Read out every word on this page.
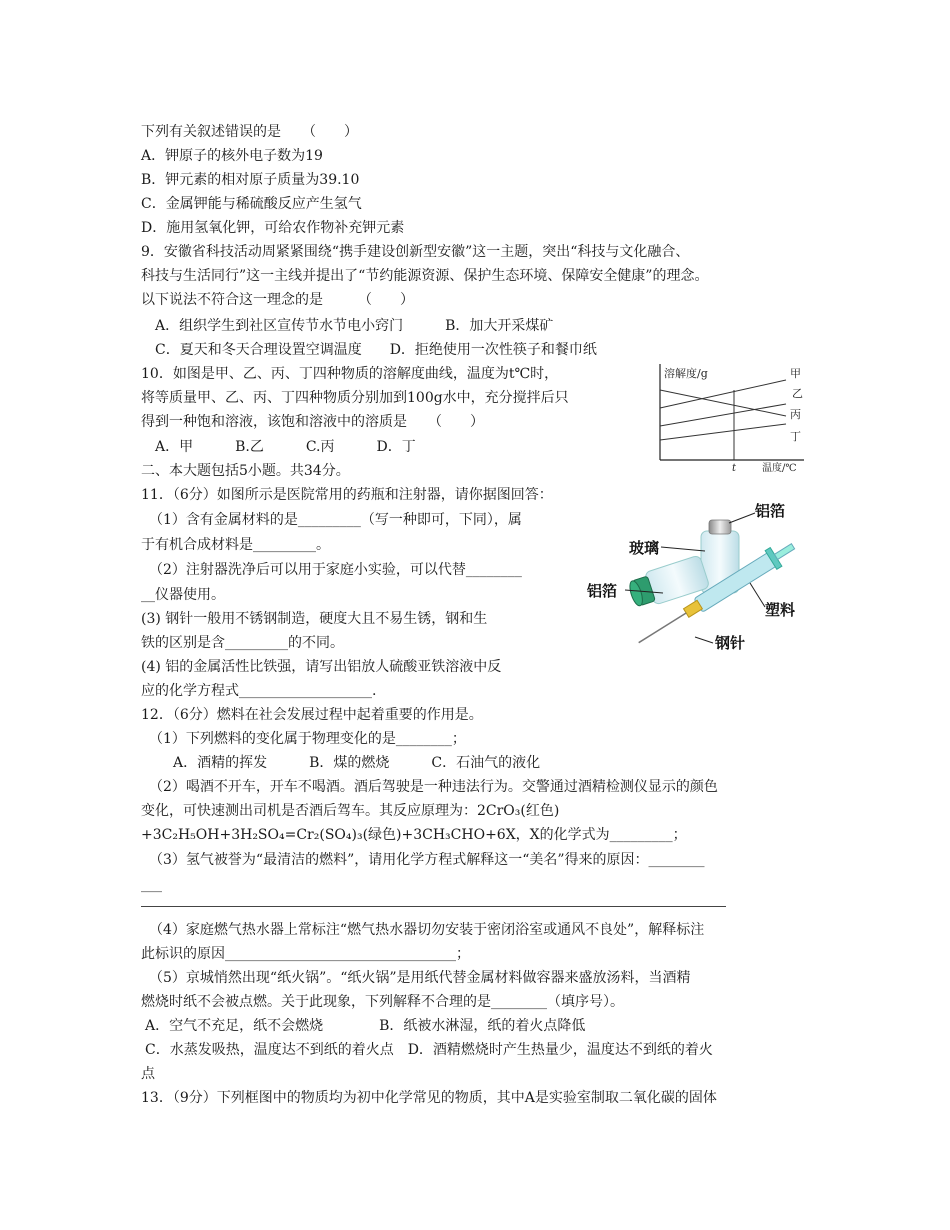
下列有关叙述错误的是　　（　　）
A．钾原子的核外电子数为19
B．钾元素的相对原子质量为39.10
C．金属钾能与稀硫酸反应产生氢气
D．施用氢氧化钾，可给农作物补充钾元素
9．安徽省科技活动周紧紧围绕“携手建设创新型安徽”这一主题，突出“科技与文化融合、
科技与生活同行”这一主线并提出了“节约能源资源、保护生态环境、保障安全健康”的理念。
以下说法不符合这一理念的是　　　（　　）
A．组织学生到社区宣传节水节电小窍门　　　B．加大开采煤矿
C．夏天和冬天合理设置空调温度　　D．拒绝使用一次性筷子和餐巾纸
10．如图是甲、乙、丙、丁四种物质的溶解度曲线，温度为t℃时，
将等质量甲、乙、丙、丁四种物质分别加到100g水中，充分搅拌后只
得到一种饱和溶液，该饱和溶液中的溶质是　　（　　）
A．甲　　　B.乙　　　C.丙　　　D．丁
溶解度/g	甲
乙
丙
丁
t	温度/℃
二、本大题包括5小题。共34分。
11．（6分）如图所示是医院常用的药瓶和注射器，请你据图回答：
（1）含有金属材料的是_________（写一种即可，下同），属
于有机合成材料是_________。
（2）注射器洗净后可以用于家庭小实验，可以代替________
__仪器使用。
(3) 钢针一般用不锈钢制造，硬度大且不易生锈，钢和生
铁的区别是含_________的不同。
(4) 铝的金属活性比铁强，请写出铝放人硫酸亚铁溶液中反
应的化学方程式___________________.
铝箔
玻璃
铝箔
塑料
钢针
12．（6分）燃料在社会发展过程中起着重要的作用是。
（1）下列燃料的变化属于物理变化的是________；
A．酒精的挥发　　　B．煤的燃烧　　　C．石油气的液化
（2）喝酒不开车，开车不喝酒。酒后驾驶是一种违法行为。交警通过酒精检测仪显示的颜色
变化，可快速测出司机是否酒后驾车。其反应原理为：2CrO₃(红色)
+3C₂H₅OH+3H₂SO₄=Cr₂(SO₄)₃(绿色)+3CH₃CHO+6X，X的化学式为_________；
（3）氢气被誉为“最清洁的燃料”，请用化学方程式解释这一“美名”得来的原因：________
___
（4）家庭燃气热水器上常标注“燃气热水器切勿安装于密闭浴室或通风不良处”，解释标注
此标识的原因_________________________________；
（5）京城悄然出现“纸火锅”。“纸火锅”是用纸代替金属材料做容器来盛放汤料，当酒精
燃烧时纸不会被点燃。关于此现象，下列解释不合理的是________（填序号）。
A．空气不充足，纸不会燃烧　　　　B．纸被水淋湿，纸的着火点降低
C．水蒸发吸热，温度达不到纸的着火点　D．酒精燃烧时产生热量少，温度达不到纸的着火
点
13．（9分）下列框图中的物质均为初中化学常见的物质，其中A是实验室制取二氧化碳的固体
